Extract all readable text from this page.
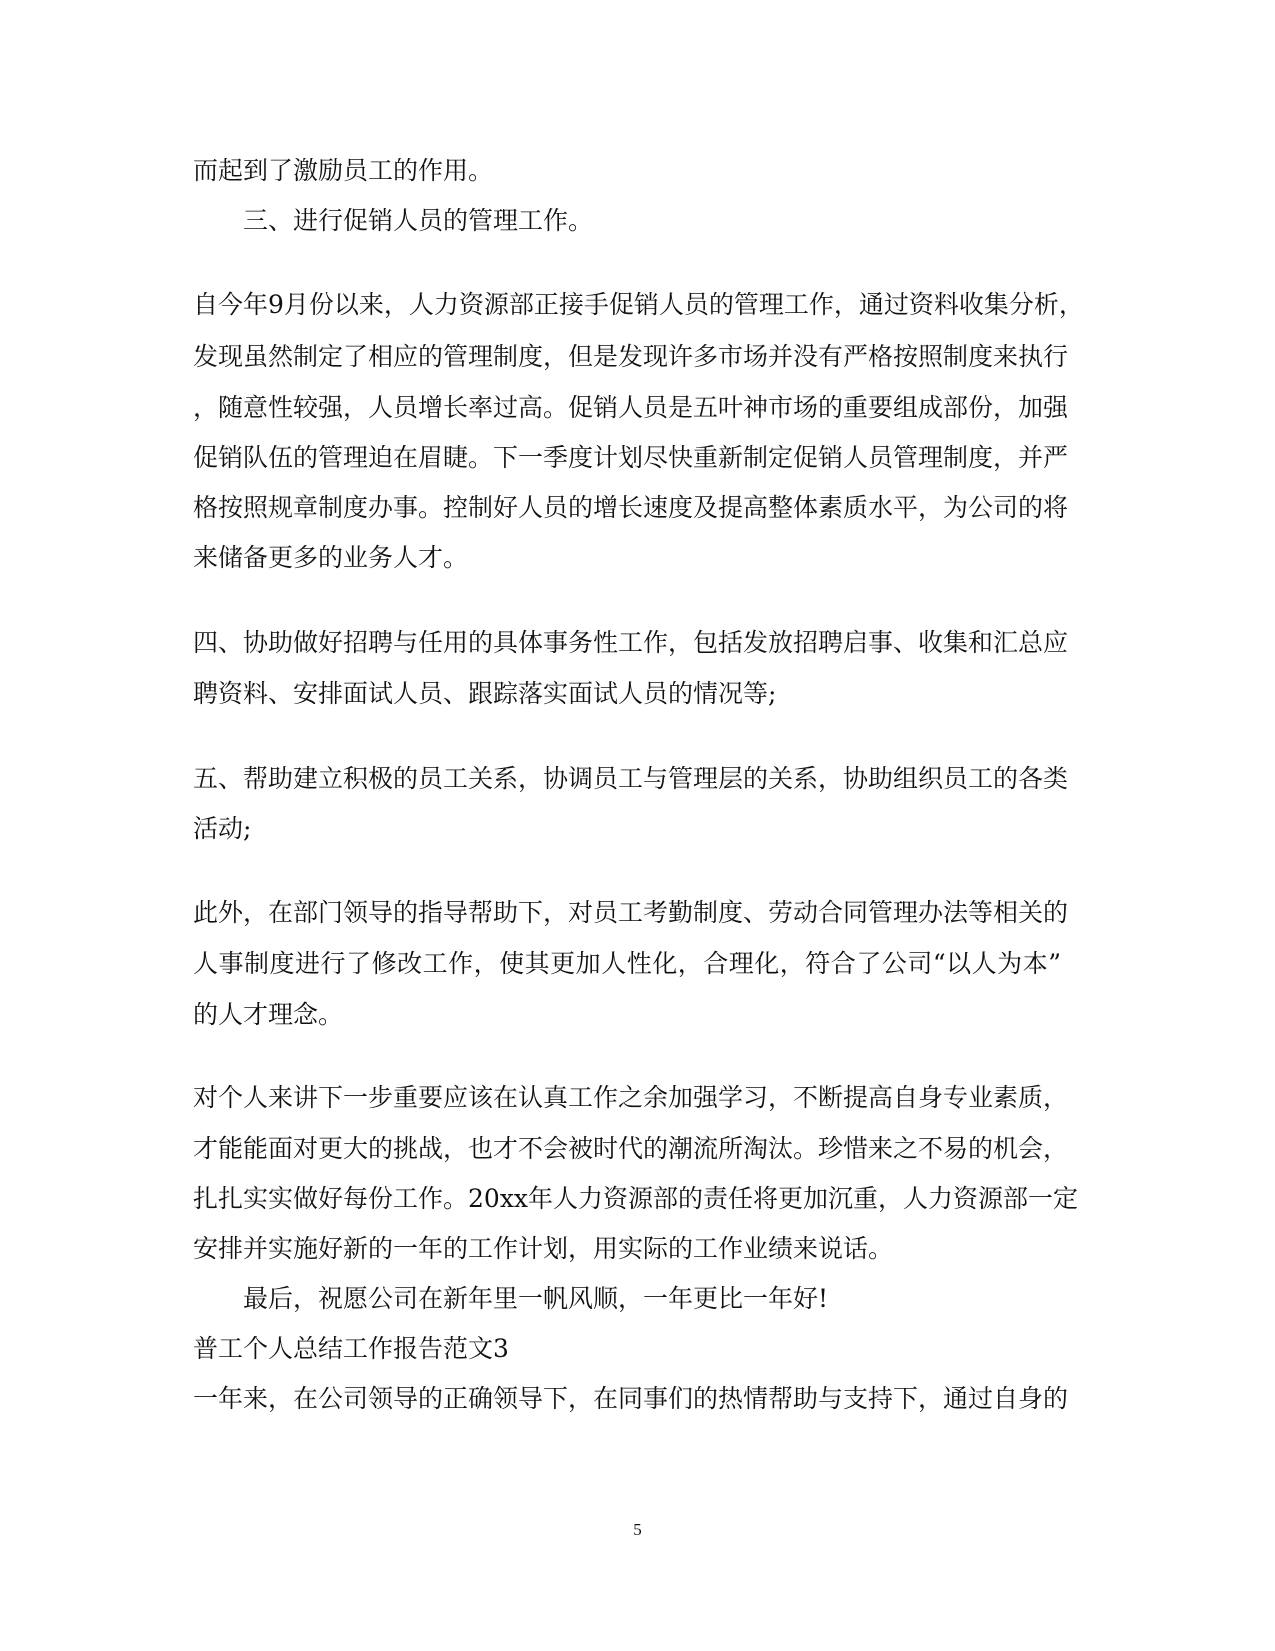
而起到了激励员工的作用。

三、进行促销人员的管理工作。

自今年9月份以来，人力资源部正接手促销人员的管理工作，通过资料收集分析，

发现虽然制定了相应的管理制度，但是发现许多市场并没有严格按照制度来执行

，随意性较强，人员增长率过高。促销人员是五叶神市场的重要组成部份，加强

促销队伍的管理迫在眉睫。下一季度计划尽快重新制定促销人员管理制度，并严

格按照规章制度办事。控制好人员的增长速度及提高整体素质水平，为公司的将

来储备更多的业务人才。

四、协助做好招聘与任用的具体事务性工作，包括发放招聘启事、收集和汇总应

聘资料、安排面试人员、跟踪落实面试人员的情况等;

五、帮助建立积极的员工关系，协调员工与管理层的关系，协助组织员工的各类

活动;

此外，在部门领导的指导帮助下，对员工考勤制度、劳动合同管理办法等相关的

人事制度进行了修改工作，使其更加人性化，合理化，符合了公司“以人为本”

的人才理念。

对个人来讲下一步重要应该在认真工作之余加强学习，不断提高自身专业素质，

才能能面对更大的挑战，也才不会被时代的潮流所淘汰。珍惜来之不易的机会，

扎扎实实做好每份工作。20xx年人力资源部的责任将更加沉重，人力资源部一定

安排并实施好新的一年的工作计划，用实际的工作业绩来说话。

最后，祝愿公司在新年里一帆风顺，一年更比一年好!

普工个人总结工作报告范文3

一年来，在公司领导的正确领导下，在同事们的热情帮助与支持下，通过自身的

5
